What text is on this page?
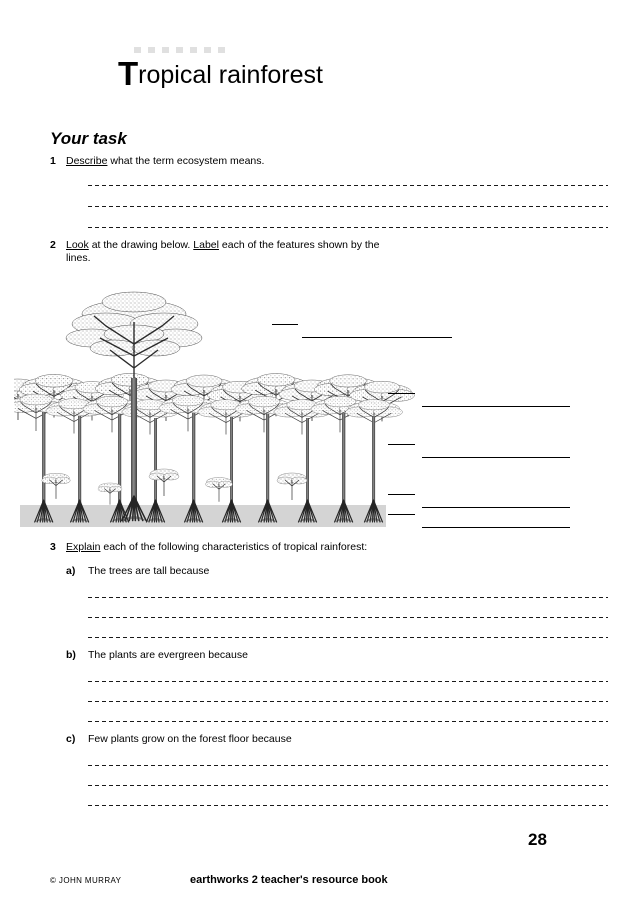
Tropical rainforest
Your task
1 Describe what the term ecosystem means.
2 Look at the drawing below. Label each of the features shown by the
lines.
3 Explain each of the following characteristics of tropical rainforest:
a) The trees are tall because
b) The plants are evergreen because
c) Few plants grow on the forest floor because
28
© JOHN MURRAY	earthworks 2 teacher's resource book
